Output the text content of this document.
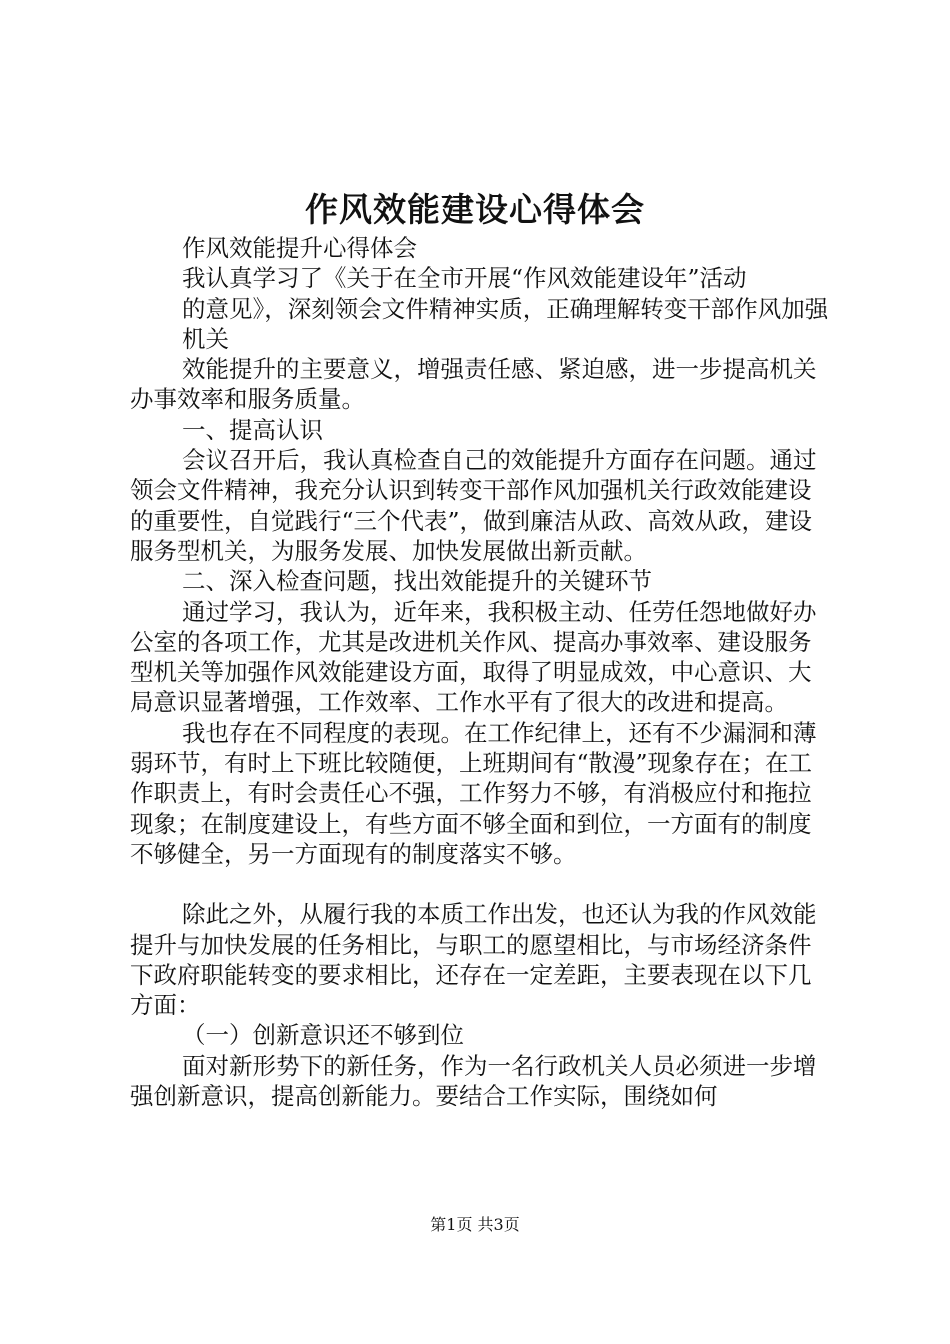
作风效能建设心得体会

作风效能提升心得体会

我认真学习了《关于在全市开展“作风效能建设年”活动

的意见》，深刻领会文件精神实质，正确理解转变干部作风加强机关

效能提升的主要意义，增强责任感、紧迫感，进一步提高机关办事效率和服务质量。

一、提高认识

会议召开后，我认真检查自己的效能提升方面存在问题。通过领会文件精神，我充分认识到转变干部作风加强机关行政效能建设的重要性，自觉践行“三个代表”，做到廉洁从政、高效从政，建设服务型机关，为服务发展、加快发展做出新贡献。

二、深入检查问题，找出效能提升的关键环节

通过学习，我认为，近年来，我积极主动、任劳任怨地做好办公室的各项工作，尤其是改进机关作风、提高办事效率、建设服务型机关等加强作风效能建设方面，取得了明显成效，中心意识、大局意识显著增强，工作效率、工作水平有了很大的改进和提高。

我也存在不同程度的表现。在工作纪律上，还有不少漏洞和薄弱环节，有时上下班比较随便，上班期间有“散漫”现象存在；在工作职责上，有时会责任心不强，工作努力不够，有消极应付和拖拉现象；在制度建设上，有些方面不够全面和到位，一方面有的制度不够健全，另一方面现有的制度落实不够。

除此之外，从履行我的本质工作出发，也还认为我的作风效能提升与加快发展的任务相比，与职工的愿望相比，与市场经济条件下政府职能转变的要求相比，还存在一定差距，主要表现在以下几方面：

（一）创新意识还不够到位

面对新形势下的新任务，作为一名行政机关人员必须进一步增强创新意识，提高创新能力。要结合工作实际，围绕如何

第1页 共3页
